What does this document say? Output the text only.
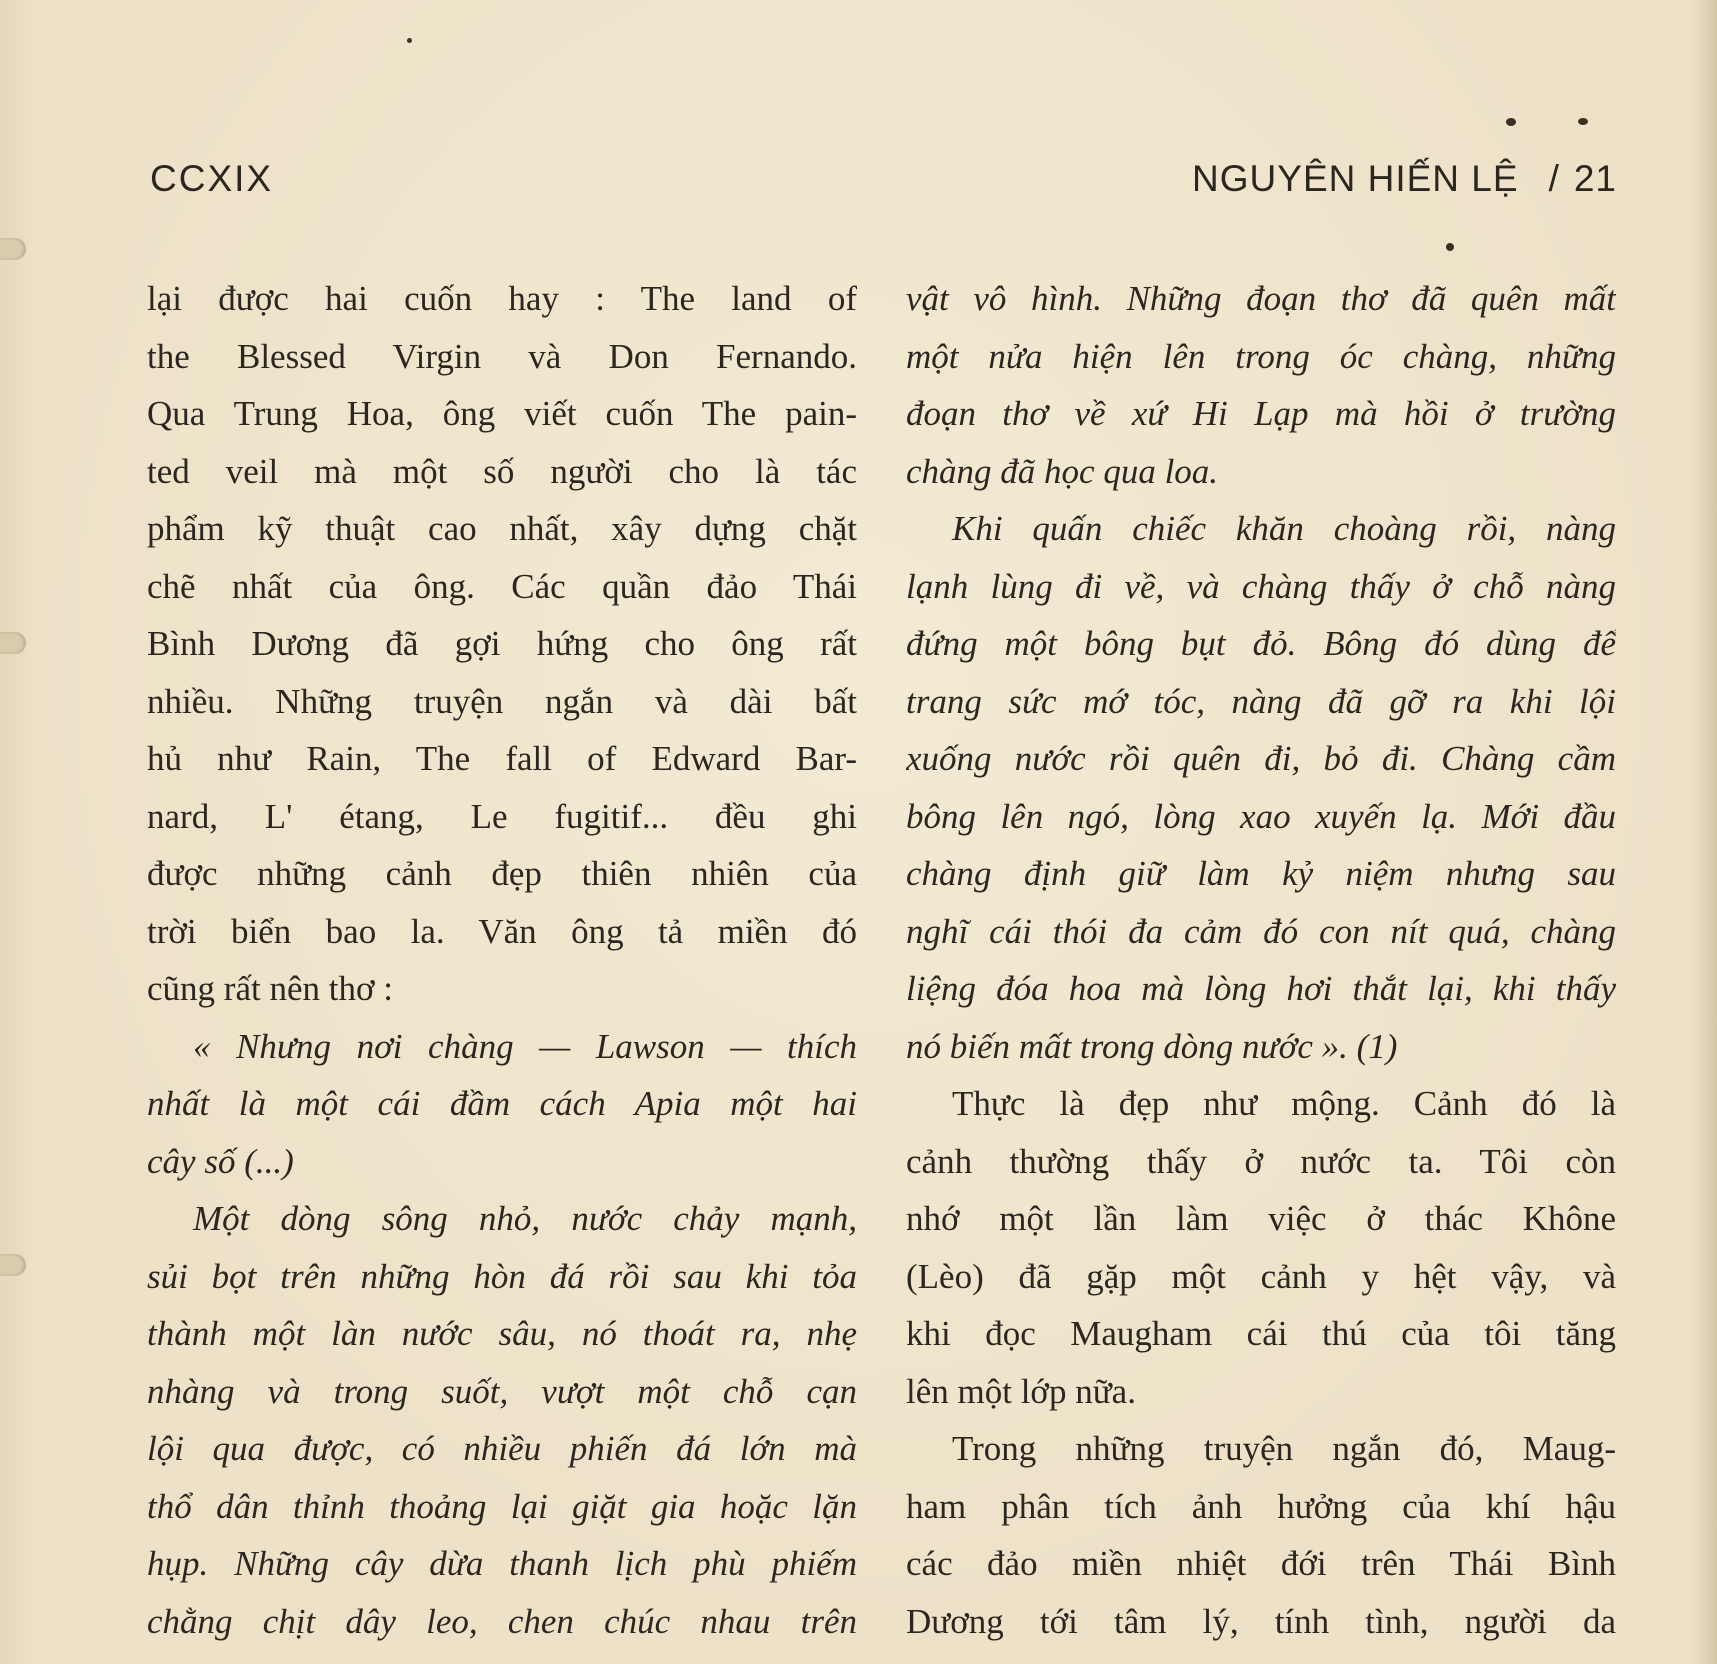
CCXIX	NGUYÊN HIẾN LỆ / 21
lại được hai cuốn hay : The land of
the Blessed Virgin và Don Fernando.
Qua Trung Hoa, ông viết cuốn The pain-
ted veil mà một số người cho là tác
phẩm kỹ thuật cao nhất, xây dựng chặt
chẽ nhất của ông. Các quần đảo Thái
Bình Dương đã gợi hứng cho ông rất
nhiều. Những truyện ngắn và dài bất
hủ như Rain, The fall of Edward Bar-
nard, L' étang, Le fugitif... đều ghi
được những cảnh đẹp thiên nhiên của
trời biển bao la. Văn ông tả miền đó
cũng rất nên thơ :
« Nhưng nơi chàng — Lawson — thích
nhất là một cái đầm cách Apia một hai
cây số (...)
Một dòng sông nhỏ, nước chảy mạnh,
sủi bọt trên những hòn đá rồi sau khi tỏa
thành một làn nước sâu, nó thoát ra, nhẹ
nhàng và trong suốt, vượt một chỗ cạn
lội qua được, có nhiều phiến đá lớn mà
thổ dân thỉnh thoảng lại giặt gia hoặc lặn
hụp. Những cây dừa thanh lịch phù phiếm
chằng chịt dây leo, chen chúc nhau trên
vật vô hình. Những đoạn thơ đã quên mất
một nửa hiện lên trong óc chàng, những
đoạn thơ về xứ Hi Lạp mà hồi ở trường
chàng đã học qua loa.
Khi quấn chiếc khăn choàng rồi, nàng
lạnh lùng đi về, và chàng thấy ở chỗ nàng
đứng một bông bụt đỏ. Bông đó dùng để
trang sức mớ tóc, nàng đã gỡ ra khi lội
xuống nước rồi quên đi, bỏ đi. Chàng cầm
bông lên ngó, lòng xao xuyến lạ. Mới đầu
chàng định giữ làm kỷ niệm nhưng sau
nghĩ cái thói đa cảm đó con nít quá, chàng
liệng đóa hoa mà lòng hơi thắt lại, khi thấy
nó biến mất trong dòng nước ». (1)
Thực là đẹp như mộng. Cảnh đó là
cảnh thường thấy ở nước ta. Tôi còn
nhớ một lần làm việc ở thác Khône
(Lèo) đã gặp một cảnh y hệt vậy, và
khi đọc Maugham cái thú của tôi tăng
lên một lớp nữa.
Trong những truyện ngắn đó, Maug-
ham phân tích ảnh hưởng của khí hậu
các đảo miền nhiệt đới trên Thái Bình
Dương tới tâm lý, tính tình, người da
